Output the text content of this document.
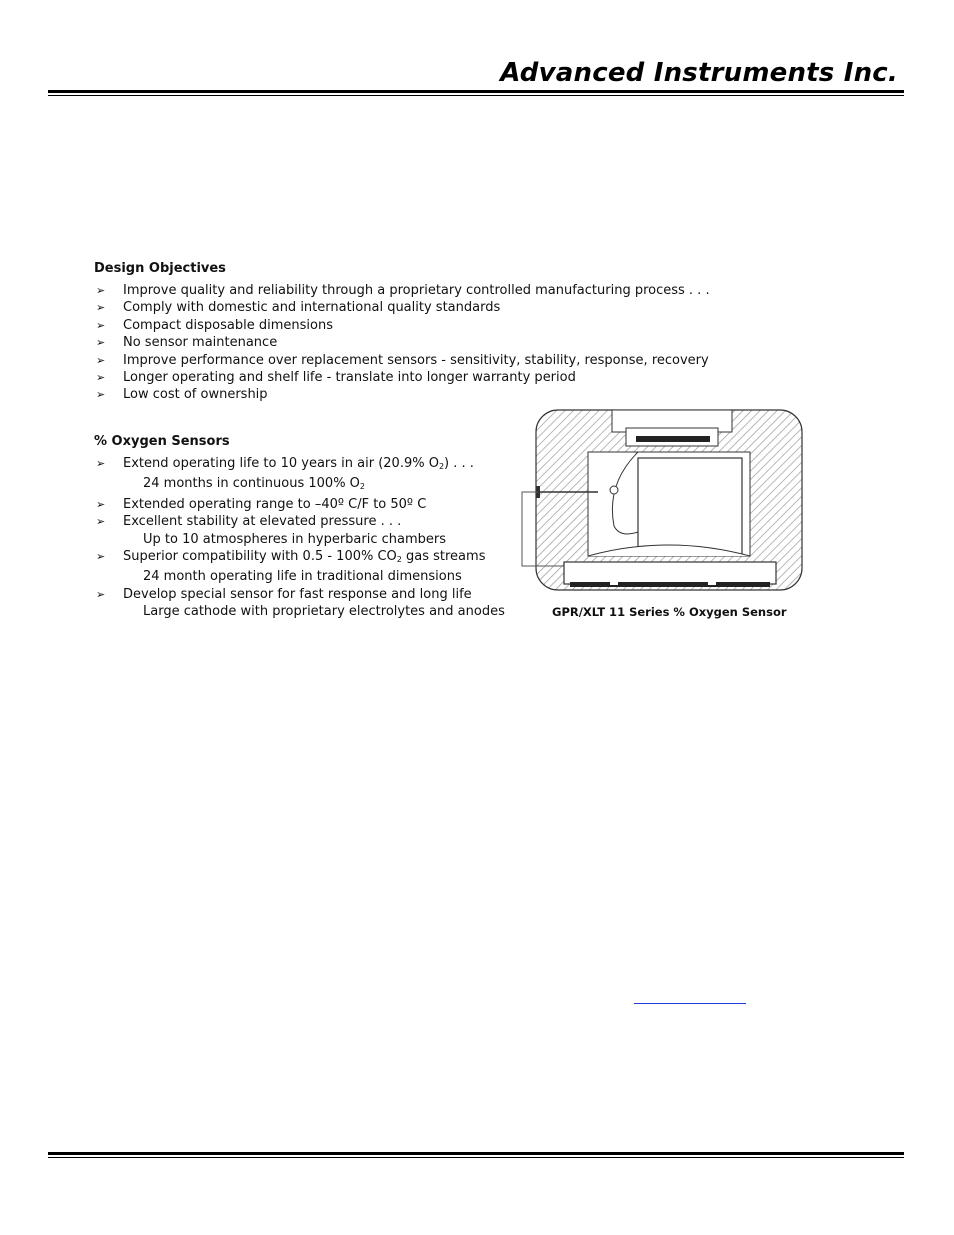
Advanced Instruments Inc.
Design Objectives
➢ Improve quality and reliability through a proprietary controlled manufacturing process . . .
➢ Comply with domestic and international quality standards
➢ Compact disposable dimensions
➢ No sensor maintenance
➢ Improve performance over replacement sensors - sensitivity, stability, response, recovery
➢ Longer operating and shelf life - translate into longer warranty period
➢ Low cost of ownership
% Oxygen Sensors
➢ Extend operating life to 10 years in air (20.9% $O_2$) . . .
24 months in continuous 100% $O_2$
➢ Extended operating range to –40º C/F to 50º C
➢ Excellent stability at elevated pressure . . .
Up to 10 atmospheres in hyperbaric chambers
➢ Superior compatibility with 0.5 - 100% $CO_2$ gas streams
24 month operating life in traditional dimensions
➢ Develop special sensor for fast response and long life
Large cathode with proprietary electrolytes and anodes	GPR/XLT 11 Series % Oxygen Sensor
